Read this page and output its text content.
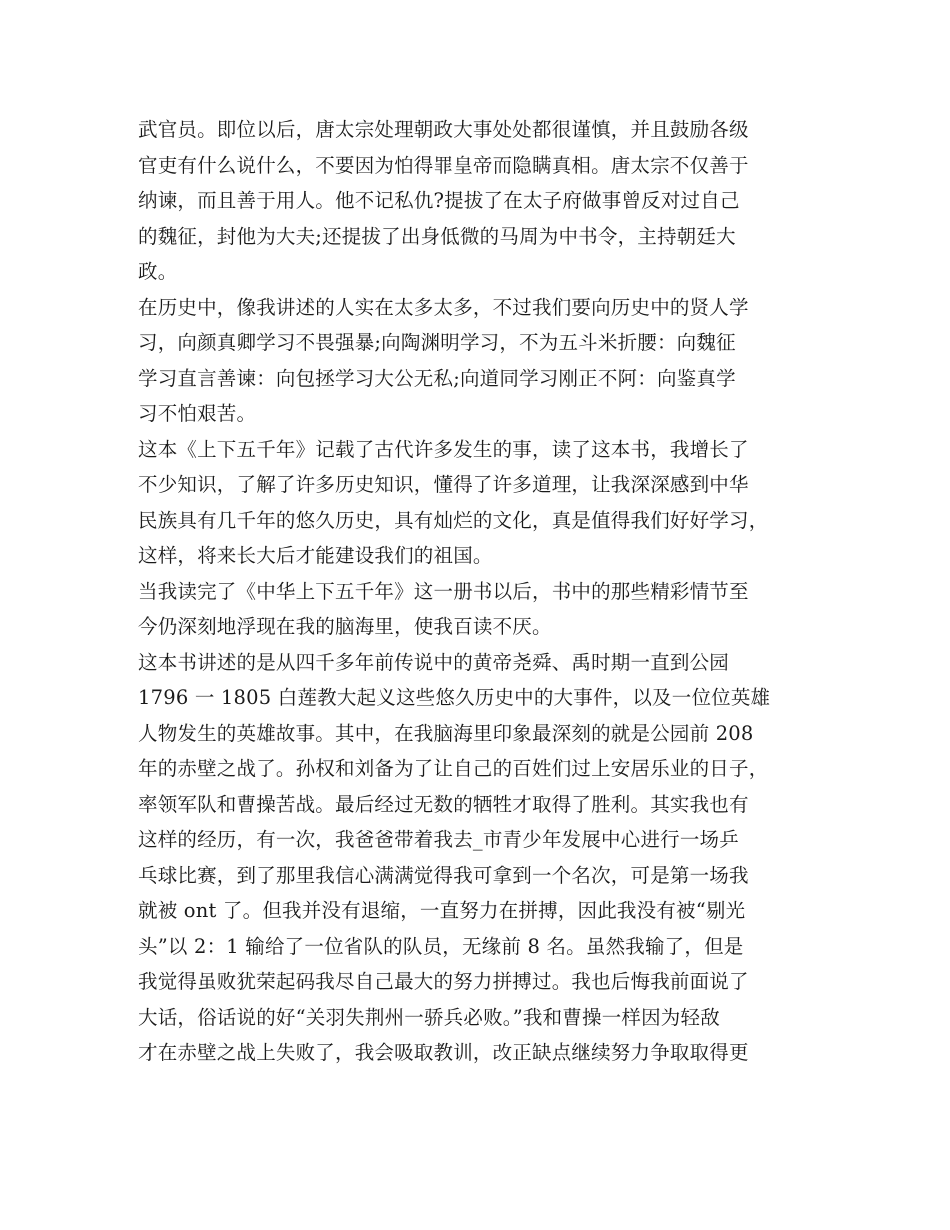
武官员。即位以后，唐太宗处理朝政大事处处都很谨慎，并且鼓励各级
官吏有什么说什么，不要因为怕得罪皇帝而隐瞒真相。唐太宗不仅善于
纳谏，而且善于用人。他不记私仇?提拔了在太子府做事曾反对过自己
的魏征，封他为大夫;还提拔了出身低微的马周为中书令，主持朝廷大
政。
在历史中，像我讲述的人实在太多太多，不过我们要向历史中的贤人学
习，向颜真卿学习不畏强暴;向陶渊明学习，不为五斗米折腰：向魏征
学习直言善谏：向包拯学习大公无私;向道同学习刚正不阿：向鉴真学
习不怕艰苦。
这本《上下五千年》记载了古代许多发生的事，读了这本书，我增长了
不少知识，了解了许多历史知识，懂得了许多道理，让我深深感到中华
民族具有几千年的悠久历史，具有灿烂的文化，真是值得我们好好学习，
这样，将来长大后才能建设我们的祖国。
当我读完了《中华上下五千年》这一册书以后，书中的那些精彩情节至
今仍深刻地浮现在我的脑海里，使我百读不厌。
这本书讲述的是从四千多年前传说中的黄帝尧舜、禹时期一直到公园
1796 一 1805 白莲教大起义这些悠久历史中的大事件，以及一位位英雄
人物发生的英雄故事。其中，在我脑海里印象最深刻的就是公园前 208
年的赤壁之战了。孙权和刘备为了让自己的百姓们过上安居乐业的日子，
率领军队和曹操苦战。最后经过无数的牺牲才取得了胜利。其实我也有
这样的经历，有一次，我爸爸带着我去_市青少年发展中心进行一场乒
乓球比赛，到了那里我信心满满觉得我可拿到一个名次，可是第一场我
就被 ont 了。但我并没有退缩，一直努力在拼搏，因此我没有被“剔光
头”以 2：1 输给了一位省队的队员，无缘前 8 名。虽然我输了，但是
我觉得虽败犹荣起码我尽自己最大的努力拼搏过。我也后悔我前面说了
大话，俗话说的好“关羽失荆州一骄兵必败。”我和曹操一样因为轻敌
才在赤壁之战上失败了，我会吸取教训，改正缺点继续努力争取取得更
